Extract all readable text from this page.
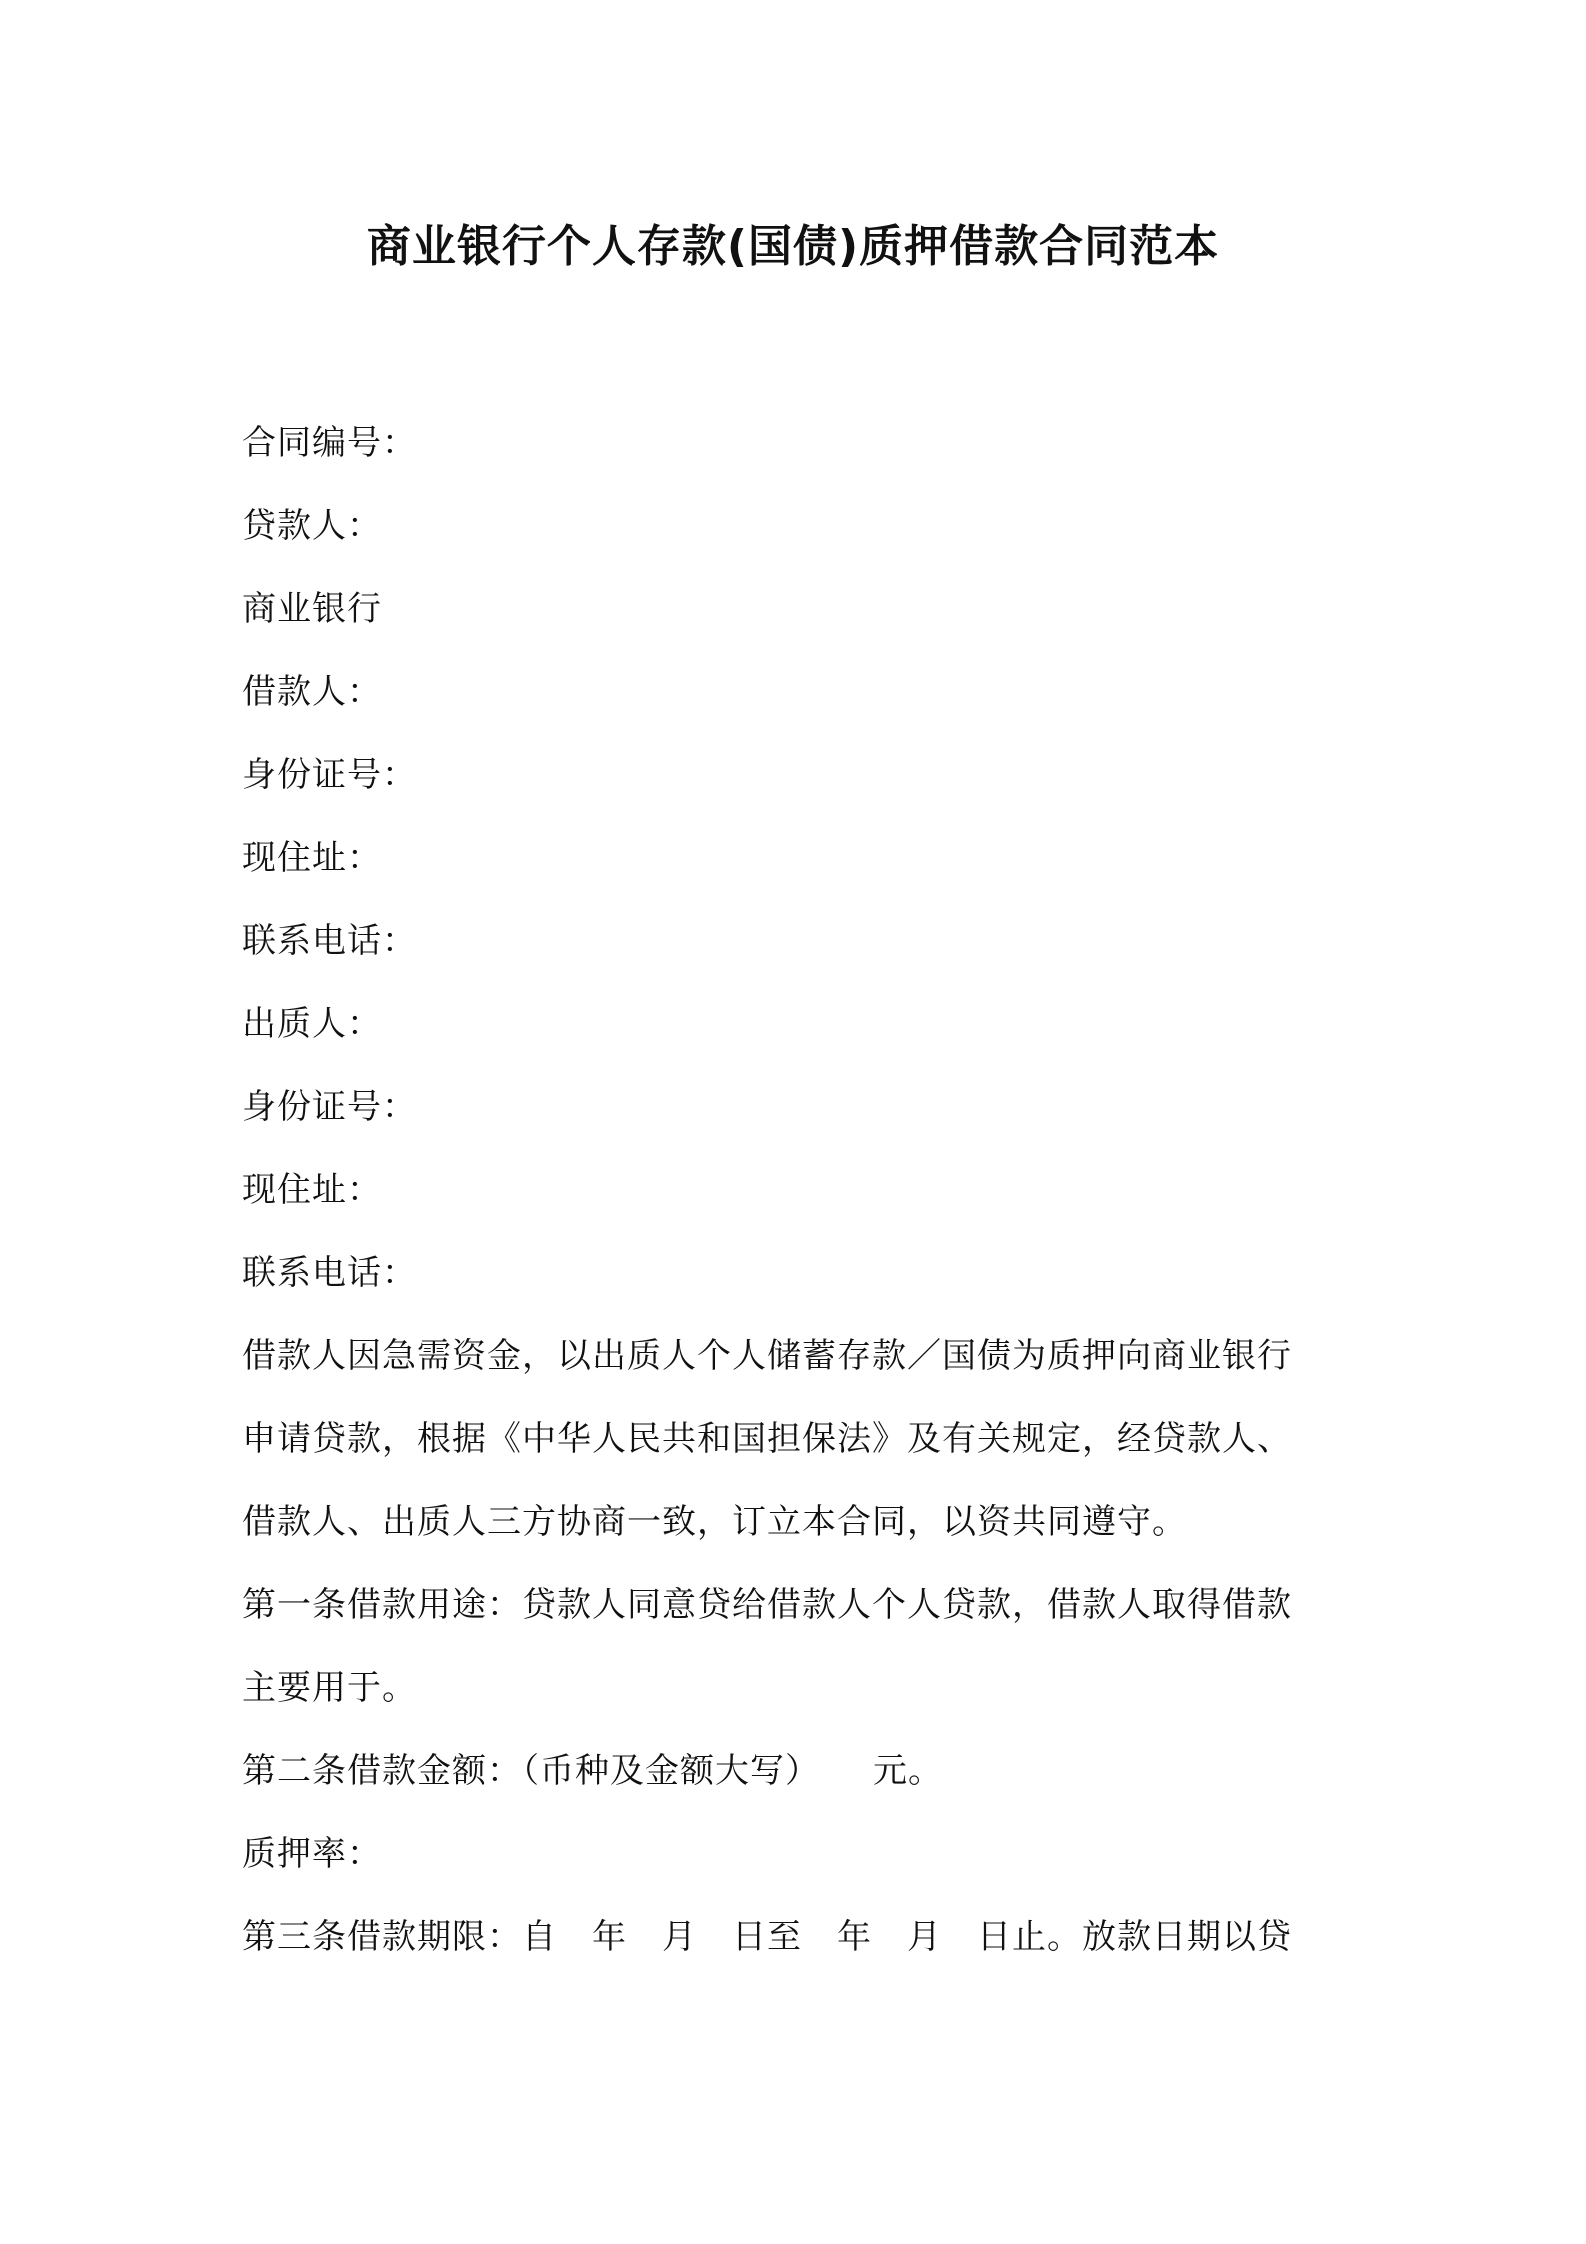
商业银行个人存款(国债)质押借款合同范本

合同编号：

贷款人：

商业银行

借款人：

身份证号：

现住址：

联系电话：

出质人：

身份证号：

现住址：

联系电话：

借款人因急需资金，以出质人个人储蓄存款／国债为质押向商业银行

申请贷款，根据《中华人民共和国担保法》及有关规定，经贷款人、

借款人、出质人三方协商一致，订立本合同，以资共同遵守。

第一条借款用途：贷款人同意贷给借款人个人贷款，借款人取得借款

主要用于。

第二条借款金额：（币种及金额大写）　　元。

质押率：

第三条借款期限：自　年　月　日至　年　月　日止。放款日期以贷
